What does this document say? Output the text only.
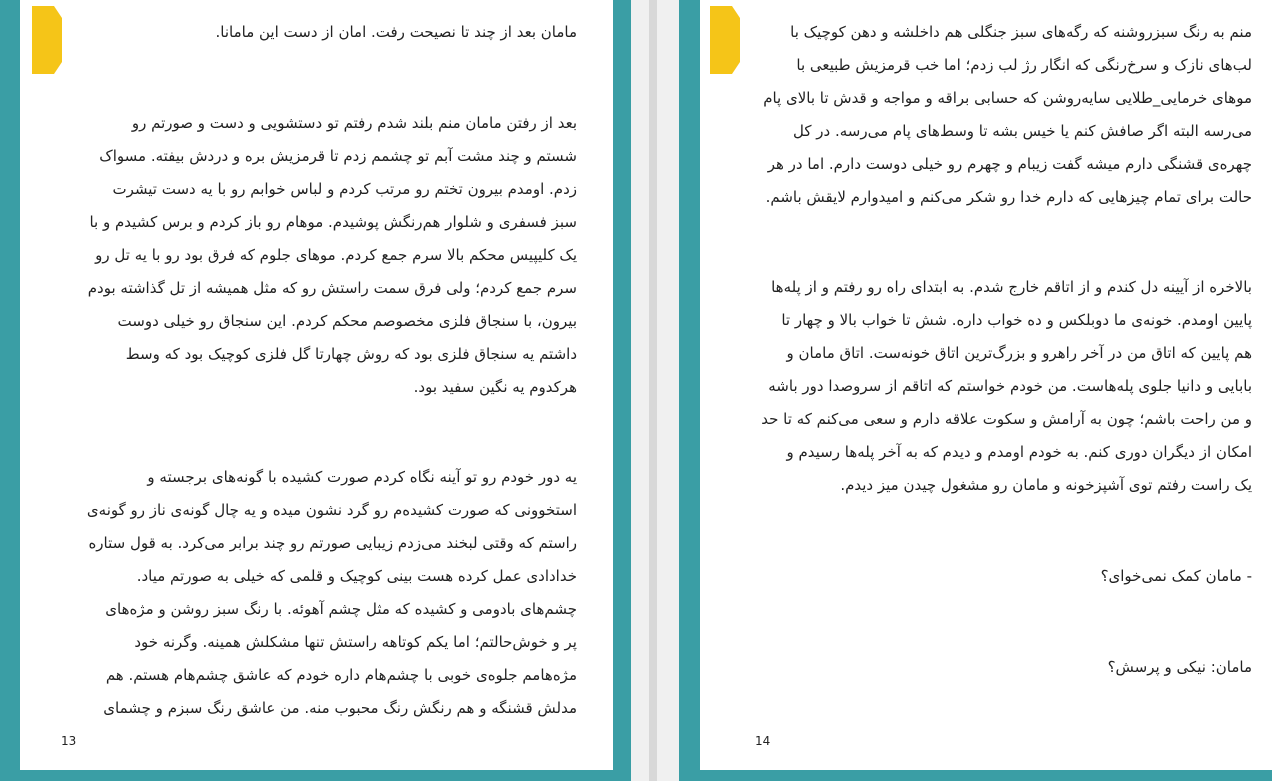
مامان بعد از چند تا نصیحت رفت. امان از دست این مامانا.
بعد از رفتن مامان منم بلند شدم رفتم تو دستشویی و دست و صورتم رو
شستم و چند مشت آبم تو چشمم زدم تا قرمزیش بره و دردش بیفته. مسواک
زدم. اومدم بیرون تختم رو مرتب کردم و لباس خوابم رو با یه دست تیشرت
سبز فسفری و شلوار هم‌رنگش پوشیدم. موهام رو باز کردم و برس کشیدم و با
یک کلیپیس محکم بالا سرم جمع کردم. موهای جلوم که فرق بود رو با یه تل رو
سرم جمع کردم؛ ولی فرق سمت راستش رو که مثل همیشه از تل گذاشته بودم
بیرون، با سنجاق فلزی مخصوصم محکم کردم. این سنجاق رو خیلی دوست
داشتم یه سنجاق فلزی بود که روش چهارتا گل فلزی کوچیک بود که وسط
هرکدوم یه نگین سفید بود.
یه دور خودم رو تو آینه نگاه کردم صورت کشیده با گونه‌های برجسته و
استخوونی که صورت کشیده‌م رو گرد نشون میده و یه چال گونه‌ی ناز رو گونه‌ی
راستم که وقتی لبخند می‌زدم زیبایی صورتم رو چند برابر می‌کرد. به قول ستاره
خدادادی عمل کرده هست بینی کوچیک و قلمی که خیلی به صورتم میاد.
چشم‌های بادومی و کشیده که مثل چشم آهوئه. با رنگ سبز روشن و مژه‌های
پر و خوش‌حالتم؛ اما یکم کوتاهه راستش تنها مشکلش همینه. وگرنه خود
مژه‌هامم جلوه‌ی خوبی با چشم‌هام داره خودم که عاشق چشم‌هام هستم. هم
مدلش قشنگه و هم رنگش رنگ محبوب منه. من عاشق رنگ سبزم و چشمای
13
منم به رنگ سبزروشنه که رگه‌های سبز جنگلی هم داخلشه و دهن کوچیک با
لب‌های نازک و سرخ‌رنگی که انگار رژ لب زدم؛ اما خب قرمزیش طبیعی با
موهای خرمایی‌_طلایی سایه‌روشن که حسابی براقه و مواجه و قدش تا بالای پام
می‌رسه البته اگر صافش کنم یا خیس بشه تا وسط‌های پام می‌رسه. در کل
چهره‌ی قشنگی دارم میشه گفت زیبام و چهرم رو خیلی دوست دارم. اما در هر
حالت برای تمام چیزهایی که دارم خدا رو شکر می‌کنم و امیدوارم لایقش باشم.
بالاخره از آیینه دل کندم و از اتاقم خارج شدم. به ابتدای راه رو رفتم و از پله‌ها
پایین اومدم. خونه‌ی ما دوبلکس و ده خواب داره. شش تا خواب بالا و چهار تا
هم پایین که اتاق من در آخر راهرو و بزرگ‌ترین اتاق خونه‌ست. اتاق مامان و
بابایی و دانیا جلوی پله‌هاست. من خودم خواستم که اتاقم از سروصدا دور باشه
و من راحت باشم؛ چون به آرامش و سکوت علاقه دارم و سعی می‌کنم که تا حد
امکان از دیگران دوری کنم. به خودم اومدم و دیدم که به آخر پله‌ها رسیدم و
یک راست رفتم توی آشپزخونه و مامان رو مشغول چیدن میز دیدم.
- مامان کمک نمی‌خوای؟
مامان: نیکی و پرسش؟
14
